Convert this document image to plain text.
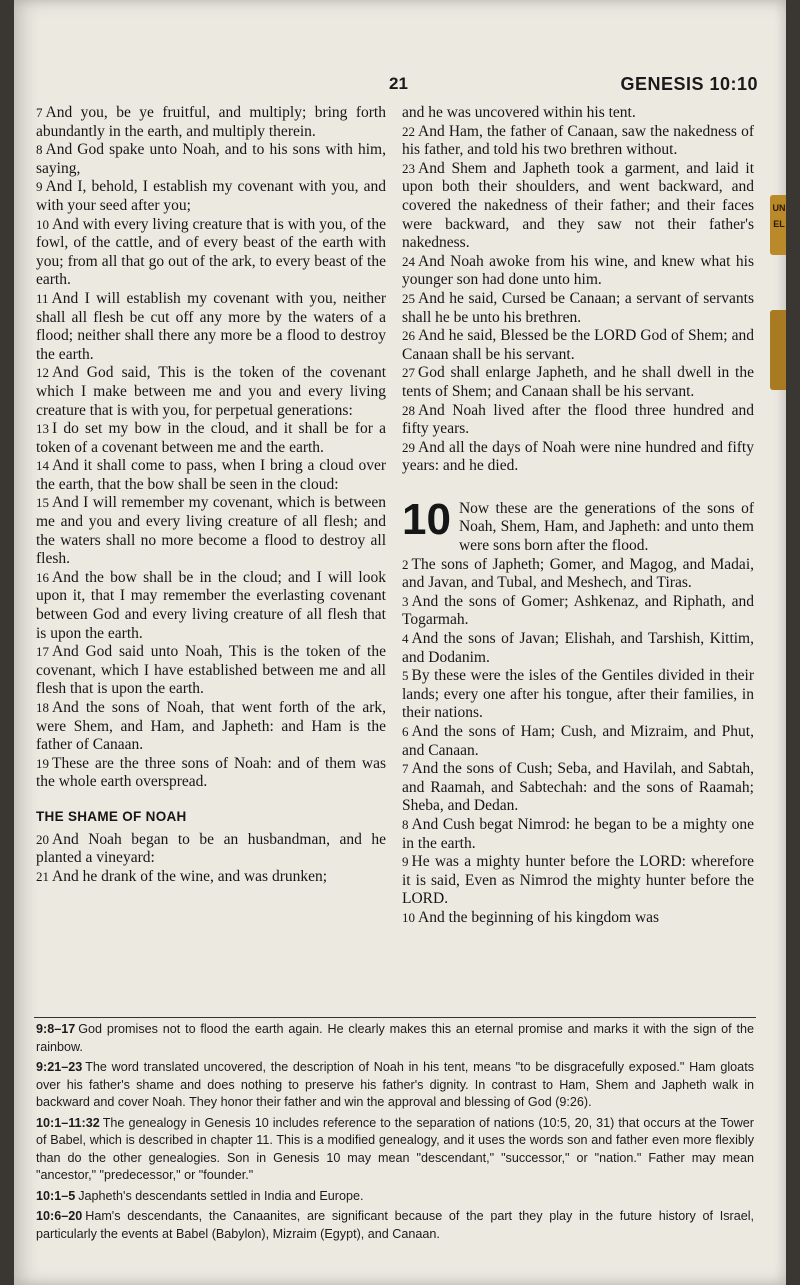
UN EL
21	GENESIS 10:10

7 And you, be ye fruitful, and multiply; bring forth abundantly in the earth, and multiply therein.

8 And God spake unto Noah, and to his sons with him, saying,

9 And I, behold, I establish my covenant with you, and with your seed after you;

10 And with every living creature that is with you, of the fowl, of the cattle, and of every beast of the earth with you; from all that go out of the ark, to every beast of the earth.

11 And I will establish my covenant with you, neither shall all flesh be cut off any more by the waters of a flood; neither shall there any more be a flood to destroy the earth.

12 And God said, This is the token of the covenant which I make between me and you and every living creature that is with you, for perpetual generations:

13 I do set my bow in the cloud, and it shall be for a token of a covenant between me and the earth.

14 And it shall come to pass, when I bring a cloud over the earth, that the bow shall be seen in the cloud:

15 And I will remember my covenant, which is between me and you and every living creature of all flesh; and the waters shall no more become a flood to destroy all flesh.

16 And the bow shall be in the cloud; and I will look upon it, that I may remember the everlasting covenant between God and every living creature of all flesh that is upon the earth.

17 And God said unto Noah, This is the token of the covenant, which I have established between me and all flesh that is upon the earth.

18 And the sons of Noah, that went forth of the ark, were Shem, and Ham, and Japheth: and Ham is the father of Canaan.

19 These are the three sons of Noah: and of them was the whole earth overspread.

THE SHAME OF NOAH

20 And Noah began to be an husbandman, and he planted a vineyard:

21 And he drank of the wine, and was drunken;

and he was uncovered within his tent.

22 And Ham, the father of Canaan, saw the nakedness of his father, and told his two brethren without.

23 And Shem and Japheth took a garment, and laid it upon both their shoulders, and went backward, and covered the nakedness of their father; and their faces were backward, and they saw not their father's nakedness.

24 And Noah awoke from his wine, and knew what his younger son had done unto him.

25 And he said, Cursed be Canaan; a servant of servants shall he be unto his brethren.

26 And he said, Blessed be the LORD God of Shem; and Canaan shall be his servant.

27 God shall enlarge Japheth, and he shall dwell in the tents of Shem; and Canaan shall be his servant.

28 And Noah lived after the flood three hundred and fifty years.

29 And all the days of Noah were nine hundred and fifty years: and he died.

10 Now these are the generations of the sons of Noah, Shem, Ham, and Japheth: and unto them were sons born after the flood.

2 The sons of Japheth; Gomer, and Magog, and Madai, and Javan, and Tubal, and Meshech, and Tiras.

3 And the sons of Gomer; Ashkenaz, and Riphath, and Togarmah.

4 And the sons of Javan; Elishah, and Tarshish, Kittim, and Dodanim.

5 By these were the isles of the Gentiles divided in their lands; every one after his tongue, after their families, in their nations.

6 And the sons of Ham; Cush, and Mizraim, and Phut, and Canaan.

7 And the sons of Cush; Seba, and Havilah, and Sabtah, and Raamah, and Sabtechah: and the sons of Raamah; Sheba, and Dedan.

8 And Cush begat Nimrod: he began to be a mighty one in the earth.

9 He was a mighty hunter before the LORD: wherefore it is said, Even as Nimrod the mighty hunter before the LORD.

10 And the beginning of his kingdom was

9:8–17 God promises not to flood the earth again. He clearly makes this an eternal promise and marks it with the sign of the rainbow.

9:21–23 The word translated uncovered, the description of Noah in his tent, means "to be disgracefully exposed." Ham gloats over his father's shame and does nothing to preserve his father's dignity. In contrast to Ham, Shem and Japheth walk in backward and cover Noah. They honor their father and win the approval and blessing of God (9:26).

10:1–11:32 The genealogy in Genesis 10 includes reference to the separation of nations (10:5, 20, 31) that occurs at the Tower of Babel, which is described in chapter 11. This is a modified genealogy, and it uses the words son and father even more flexibly than do the other genealogies. Son in Genesis 10 may mean "descendant," "successor," or "nation." Father may mean "ancestor," "predecessor," or "founder."

10:1–5 Japheth's descendants settled in India and Europe.

10:6–20 Ham's descendants, the Canaanites, are significant because of the part they play in the future history of Israel, particularly the events at Babel (Babylon), Mizraim (Egypt), and Canaan.
